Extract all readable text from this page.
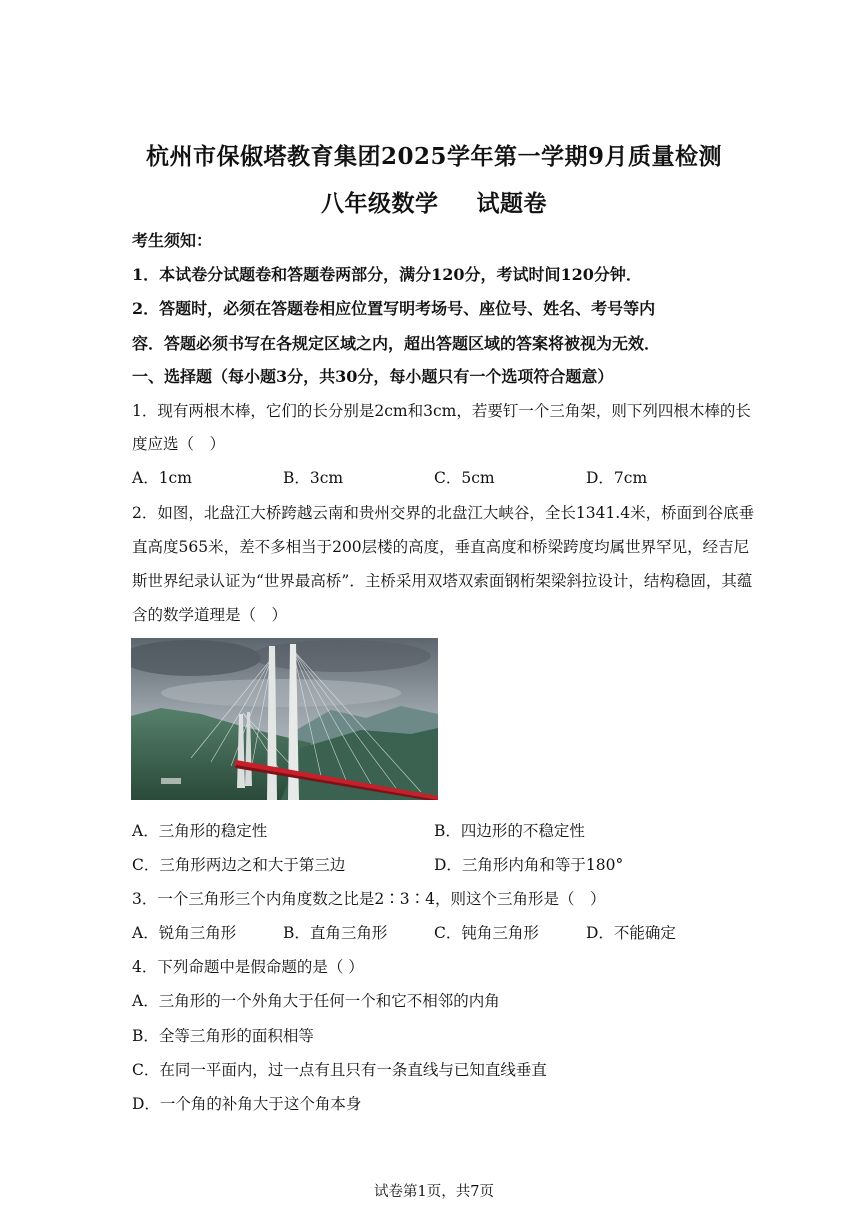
杭州市保俶塔教育集团2025学年第一学期9月质量检测
八年级数学 试题卷
考生须知：
1．本试卷分试题卷和答题卷两部分，满分120分，考试时间120分钟．
2．答题时，必须在答题卷相应位置写明考场号、座位号、姓名、考号等内
容．答题必须书写在各规定区域之内，超出答题区域的答案将被视为无效．
一、选择题（每小题3分，共30分，每小题只有一个选项符合题意）
1．现有两根木棒，它们的长分别是2cm和3cm，若要钉一个三角架，则下列四根木棒的长
度应选（　）
A．1cm	B．3cm	C．5cm	D．7cm
2．如图，北盘江大桥跨越云南和贵州交界的北盘江大峡谷，全长1341.4米，桥面到谷底垂
直高度565米，差不多相当于200层楼的高度，垂直高度和桥梁跨度均属世界罕见，经吉尼
斯世界纪录认证为“世界最高桥”．主桥采用双塔双索面钢桁架梁斜拉设计，结构稳固，其蕴
含的数学道理是（　）
A．三角形的稳定性	B．四边形的不稳定性
C．三角形两边之和大于第三边	D．三角形内角和等于180°
3．一个三角形三个内角度数之比是2∶3∶4，则这个三角形是（　）
A．锐角三角形	B．直角三角形	C．钝角三角形	D．不能确定
4．下列命题中是假命题的是（ ）
A．三角形的一个外角大于任何一个和它不相邻的内角
B．全等三角形的面积相等
C．在同一平面内，过一点有且只有一条直线与已知直线垂直
D．一个角的补角大于这个角本身
试卷第1页，共7页
